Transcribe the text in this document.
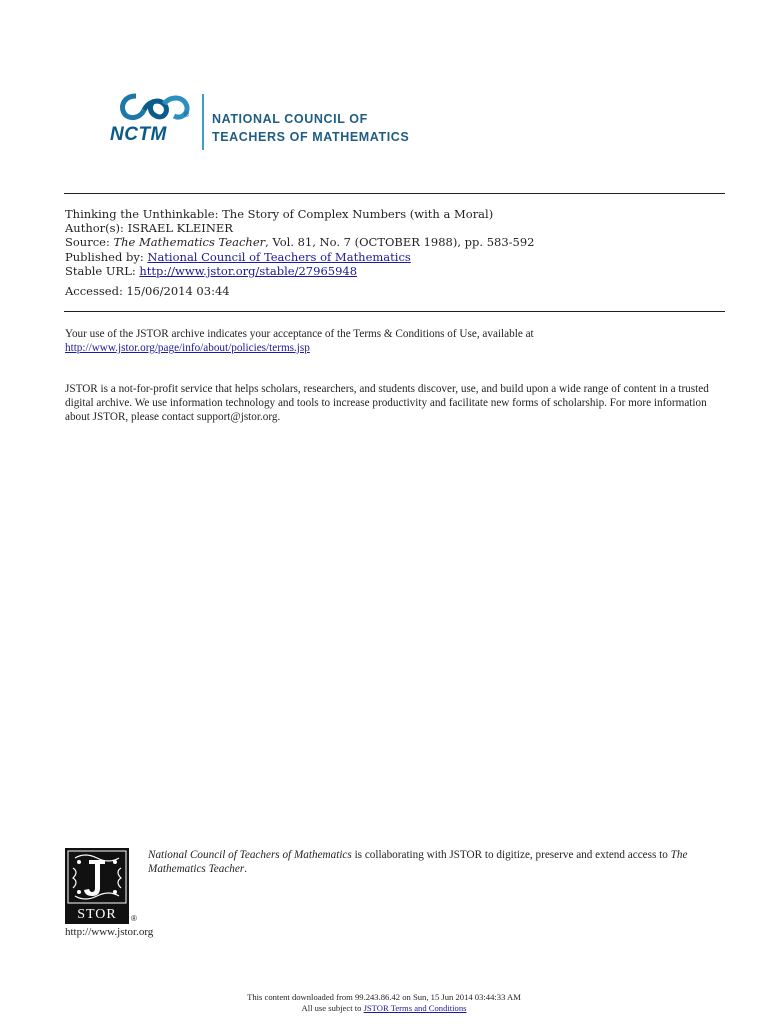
®
NCTM
NATIONAL COUNCIL OF
TEACHERS OF MATHEMATICS
Thinking the Unthinkable: The Story of Complex Numbers (with a Moral)
Author(s): ISRAEL KLEINER
Source: The Mathematics Teacher, Vol. 81, No. 7 (OCTOBER 1988), pp. 583-592
Published by: National Council of Teachers of Mathematics
Stable URL: http://www.jstor.org/stable/27965948
Accessed: 15/06/2014 03:44
Your use of the JSTOR archive indicates your acceptance of the Terms & Conditions of Use, available at
http://www.jstor.org/page/info/about/policies/terms.jsp
JSTOR is a not-for-profit service that helps scholars, researchers, and students discover, use, and build upon a wide range of content in a trusted digital archive. We use information technology and tools to increase productivity and facilitate new forms of scholarship. For more information about JSTOR, please contact support@jstor.org.
STOR	®
http://www.jstor.org
National Council of Teachers of Mathematics is collaborating with JSTOR to digitize, preserve and extend access to The Mathematics Teacher.
This content downloaded from 99.243.86.42 on Sun, 15 Jun 2014 03:44:33 AM
All use subject to JSTOR Terms and Conditions
